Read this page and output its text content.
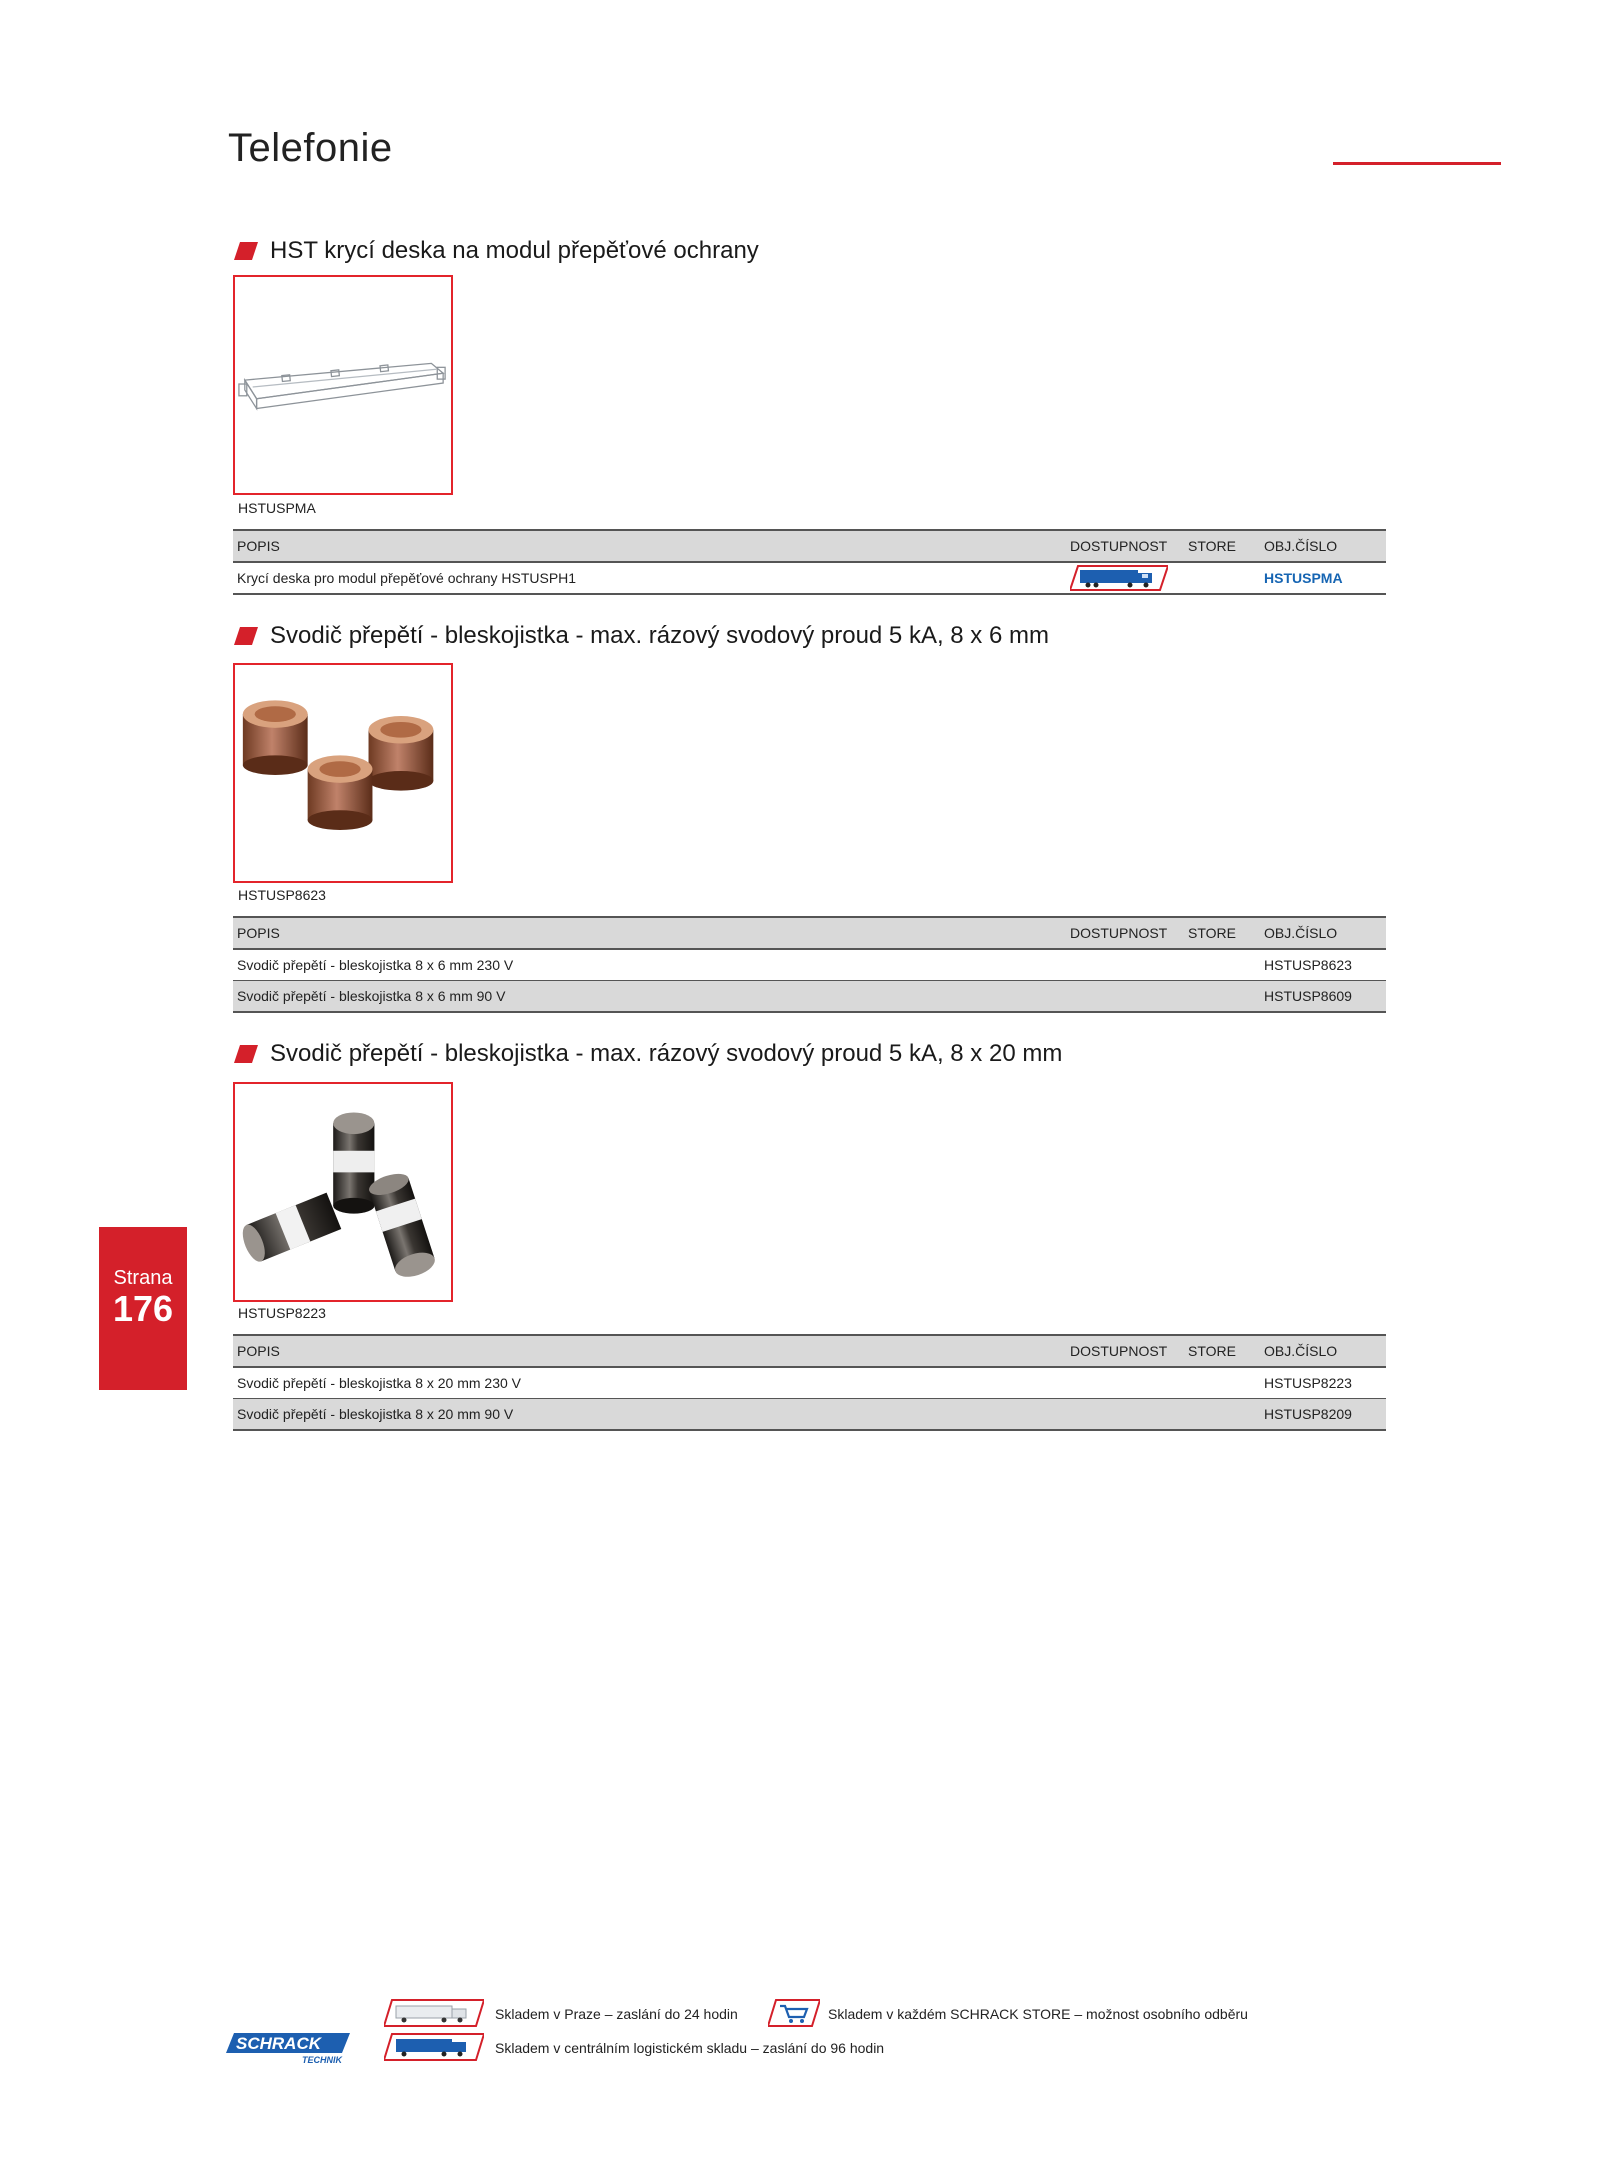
Telefonie
HST krycí deska na modul přepěťové ochrany
HSTUSPMA
POPIS	DOSTUPNOST	STORE	OBJ.ČÍSLO
Krycí deska pro modul přepěťové ochrany HSTUSPH1			HSTUSPMA
Svodič přepětí - bleskojistka - max. rázový svodový proud 5 kA, 8 x 6 mm
HSTUSP8623
POPIS	DOSTUPNOST	STORE	OBJ.ČÍSLO
Svodič přepětí - bleskojistka 8 x 6 mm 230 V			HSTUSP8623
Svodič přepětí - bleskojistka 8 x 6 mm 90 V			HSTUSP8609
Svodič přepětí - bleskojistka - max. rázový svodový proud 5 kA, 8 x 20 mm
HSTUSP8223
POPIS	DOSTUPNOST	STORE	OBJ.ČÍSLO
Svodič přepětí - bleskojistka 8 x 20 mm 230 V			HSTUSP8223
Svodič přepětí - bleskojistka 8 x 20 mm 90 V			HSTUSP8209
Strana
176
Skladem v Praze – zaslání do 24 hodin	Skladem v každém SCHRACK STORE – možnost osobního odběru
Skladem v centrálním logistickém skladu – zaslání do 96 hodin
SCHRACK
TECHNIK
